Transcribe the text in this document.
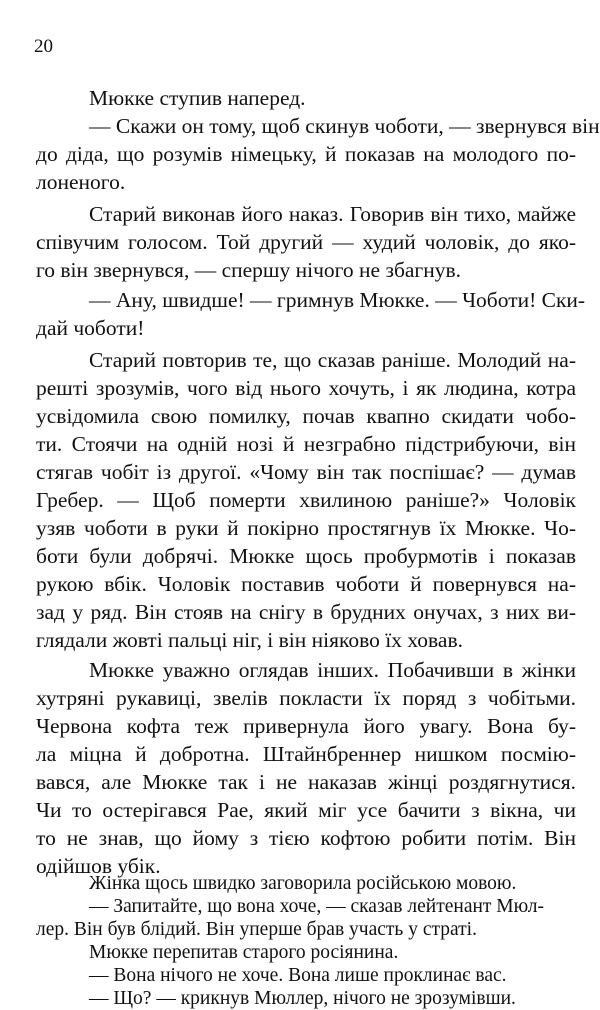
20
Мюкке ступив наперед.
— Скажи он тому, щоб скинув чоботи, — звернувся він
до діда, що розумів німецьку, й показав на молодого по-
лоненого.
Старий виконав його наказ. Говорив він тихо, майже
співучим голосом. Той другий — худий чоловік, до яко-
го він звернувся, — спершу нічого не збагнув.
— Ану, швидше! — гримнув Мюкке. — Чоботи! Ски-
дай чоботи!
Старий повторив те, що сказав раніше. Молодий на-
решті зрозумів, чого від нього хочуть, і як людина, котра
усвідомила свою помилку, почав квапно скидати чобо-
ти. Стоячи на одній нозі й незграбно підстрибуючи, він
стягав чобіт із другої. «Чому він так поспішає? — думав
Гребер. — Щоб померти хвилиною раніше?» Чоловік
узяв чоботи в руки й покірно простягнув їх Мюкке. Чо-
боти були добрячі. Мюкке щось пробурмотів і показав
рукою вбік. Чоловік поставив чоботи й повернувся на-
зад у ряд. Він стояв на снігу в брудних онучах, з них ви-
глядали жовті пальці ніг, і він ніяково їх ховав.
Мюкке уважно оглядав інших. Побачивши в жінки
хутряні рукавиці, звелів покласти їх поряд з чобітьми.
Червона кофта теж привернула його увагу. Вона бу-
ла міцна й добротна. Штайнбреннер нишком посмію-
вався, але Мюкке так і не наказав жінці роздягнутися.
Чи то остерігався Рае, який міг усе бачити з вікна, чи
то не знав, що йому з тією кофтою робити потім. Він
одійшов убік.
Жінка щось швидко заговорила російською мовою.
— Запитайте, що вона хоче, — сказав лейтенант Мюл-
лер. Він був блідий. Він уперше брав участь у страті.
Мюкке перепитав старого росіянина.
— Вона нічого не хоче. Вона лише проклинає вас.
— Що? — крикнув Мюллер, нічого не зрозумівши.
